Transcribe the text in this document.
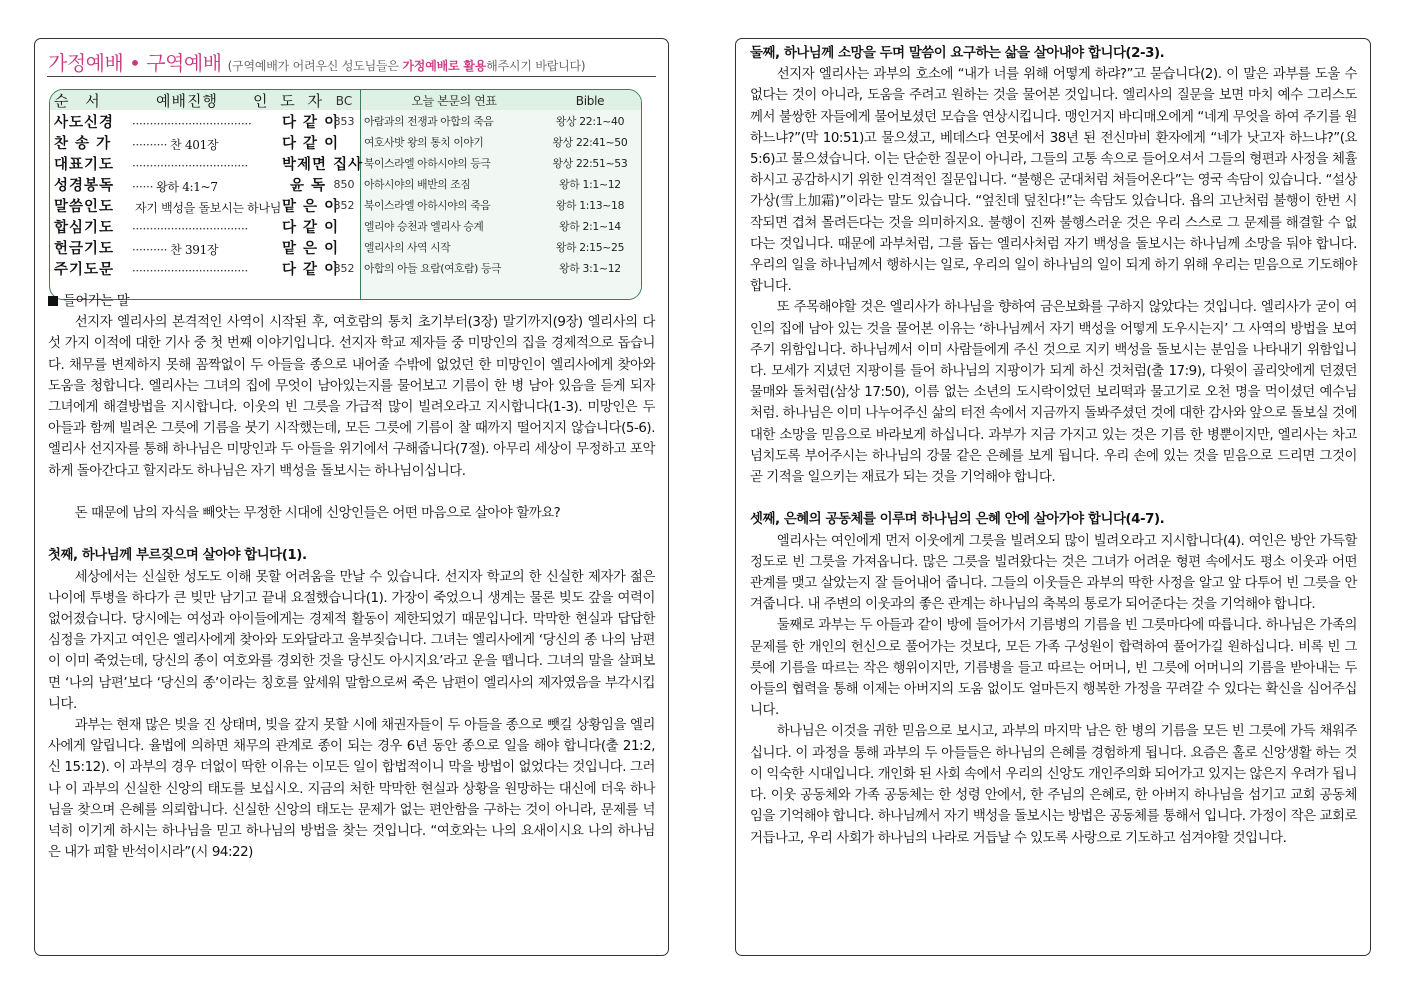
가정예배 • 구역예배 (구역예배가 어려우신 성도님들은 가정예배로 활용해주시기 바랍니다)
순 서 예배진행 인 도 자	BC	오늘 본문의 연표	Bible
사도신경 ·································· 다 같 이	853	아람과의 전쟁과 아합의 죽음	왕상 22:1~40
찬 송 가 ·········· 찬 401장 다 같 이		여호사밧 왕의 통치 이야기	왕상 22:41~50
대표기도 ································· 박제면 집사		북이스라엘 아하시야의 등극	왕상 22:51~53
성경봉독 ······ 왕하 4:1~7 윤 독	850	아하시야의 배반의 조짐	왕하 1:1~12
말씀인도 자기 백성을 돌보시는 하나님맡 은 이	852	북이스라엘 아하시야의 죽음	왕하 1:13~18
합심기도 ································· 다 같 이		엘리야 승천과 엘리사 승계	왕하 2:1~14
헌금기도 ·········· 찬 391장 맡 은 이		엘리사의 사역 시작	왕하 2:15~25
주기도문 ································· 다 같 이	852	아합의 아들 요람(여호람) 등극	왕하 3:1~12

들어가는 말

선지자 엘리사의 본격적인 사역이 시작된 후, 여호람의 통치 초기부터(3장) 말기까지(9장) 엘리사의 다섯 가지 이적에 대한 기사 중 첫 번째 이야기입니다. 선지자 학교 제자들 중 미망인의 집을 경제적으로 돕습니다. 채무를 변제하지 못해 꼼짝없이 두 아들을 종으로 내어줄 수밖에 없었던 한 미망인이 엘리사에게 찾아와 도움을 청합니다. 엘리사는 그녀의 집에 무엇이 남아있는지를 물어보고 기름이 한 병 남아 있음을 듣게 되자 그녀에게 해결방법을 지시합니다. 이웃의 빈 그릇을 가급적 많이 빌려오라고 지시합니다(1-3). 미망인은 두 아들과 함께 빌려온 그릇에 기름을 붓기 시작했는데, 모든 그릇에 기름이 찰 때까지 떨어지지 않습니다(5-6). 엘리사 선지자를 통해 하나님은 미망인과 두 아들을 위기에서 구해줍니다(7절). 아무리 세상이 무정하고 포악하게 돌아간다고 할지라도 하나님은 자기 백성을 돌보시는 하나님이십니다.

돈 때문에 남의 자식을 빼앗는 무정한 시대에 신앙인들은 어떤 마음으로 살아야 할까요?

첫째, 하나님께 부르짖으며 살아야 합니다(1).

세상에서는 신실한 성도도 이해 못할 어려움을 만날 수 있습니다. 선지자 학교의 한 신실한 제자가 젊은 나이에 투병을 하다가 큰 빚만 남기고 끝내 요절했습니다(1). 가장이 죽었으니 생계는 물론 빚도 갚을 여력이 없어졌습니다. 당시에는 여성과 아이들에게는 경제적 활동이 제한되었기 때문입니다. 막막한 현실과 답답한 심정을 가지고 여인은 엘리사에게 찾아와 도와달라고 울부짖습니다. 그녀는 엘리사에게 ‘당신의 종 나의 남편이 이미 죽었는데, 당신의 종이 여호와를 경외한 것을 당신도 아시지요’라고 운을 뗍니다. 그녀의 말을 살펴보면 ‘나의 남편’보다 ‘당신의 종’이라는 칭호를 앞세워 말함으로써 죽은 남편이 엘리사의 제자였음을 부각시킵니다.

과부는 현재 많은 빚을 진 상태며, 빚을 갚지 못할 시에 채권자들이 두 아들을 종으로 뺏길 상황임을 엘리사에게 알립니다. 율법에 의하면 채무의 관계로 종이 되는 경우 6년 동안 종으로 일을 해야 합니다(출 21:2, 신 15:12). 이 과부의 경우 더없이 딱한 이유는 이모든 일이 합법적이니 막을 방법이 없었다는 것입니다. 그러나 이 과부의 신실한 신앙의 태도를 보십시오. 지금의 처한 막막한 현실과 상황을 원망하는 대신에 더욱 하나님을 찾으며 은혜를 의뢰합니다. 신실한 신앙의 태도는 문제가 없는 편안함을 구하는 것이 아니라, 문제를 넉넉히 이기게 하시는 하나님을 믿고 하나님의 방법을 찾는 것입니다. “여호와는 나의 요새이시요 나의 하나님은 내가 피할 반석이시라”(시 94:22)

둘째, 하나님께 소망을 두며 말씀이 요구하는 삶을 살아내야 합니다(2-3).

선지자 엘리사는 과부의 호소에 “내가 너를 위해 어떻게 하랴?”고 묻습니다(2). 이 말은 과부를 도울 수 없다는 것이 아니라, 도움을 주려고 원하는 것을 물어본 것입니다. 엘리사의 질문을 보면 마치 예수 그리스도께서 불쌍한 자들에게 물어보셨던 모습을 연상시킵니다. 맹인거지 바디매오에게 “네게 무엇을 하여 주기를 원하느냐?”(막 10:51)고 물으셨고, 베데스다 연못에서 38년 된 전신마비 환자에게 “네가 낫고자 하느냐?”(요 5:6)고 물으셨습니다. 이는 단순한 질문이 아니라, 그들의 고통 속으로 들어오셔서 그들의 형편과 사정을 체휼하시고 공감하시기 위한 인격적인 질문입니다. “불행은 군대처럼 쳐들어온다”는 영국 속담이 있습니다. “설상가상(雪上加霜)”이라는 말도 있습니다. “엎친데 덮친다!”는 속담도 있습니다. 욥의 고난처럼 불행이 한번 시작되면 겹쳐 몰려든다는 것을 의미하지요. 불행이 진짜 불행스러운 것은 우리 스스로 그 문제를 해결할 수 없다는 것입니다. 때문에 과부처럼, 그를 돕는 엘리사처럼 자기 백성을 돌보시는 하나님께 소망을 둬야 합니다. 우리의 일을 하나님께서 행하시는 일로, 우리의 일이 하나님의 일이 되게 하기 위해 우리는 믿음으로 기도해야 합니다.

또 주목해야할 것은 엘리사가 하나님을 향하여 금은보화를 구하지 않았다는 것입니다. 엘리사가 굳이 여인의 집에 남아 있는 것을 물어본 이유는 ‘하나님께서 자기 백성을 어떻게 도우시는지’ 그 사역의 방법을 보여주기 위함입니다. 하나님께서 이미 사람들에게 주신 것으로 지키 백성을 돌보시는 분임을 나타내기 위함입니다. 모세가 지녔던 지팡이를 들어 하나님의 지팡이가 되게 하신 것처럼(출 17:9), 다윗이 골리앗에게 던졌던 물매와 돌처럼(삼상 17:50), 이름 없는 소년의 도시락이었던 보리떡과 물고기로 오천 명을 먹이셨던 예수님처럼. 하나님은 이미 나누어주신 삶의 터전 속에서 지금까지 돌봐주셨던 것에 대한 감사와 앞으로 돌보실 것에 대한 소망을 믿음으로 바라보게 하십니다. 과부가 지금 가지고 있는 것은 기름 한 병뿐이지만, 엘리사는 차고 넘치도록 부어주시는 하나님의 강물 같은 은혜를 보게 됩니다. 우리 손에 있는 것을 믿음으로 드리면 그것이 곧 기적을 일으키는 재료가 되는 것을 기억해야 합니다.

셋째, 은혜의 공동체를 이루며 하나님의 은혜 안에 살아가야 합니다(4-7).

엘리사는 여인에게 먼저 이웃에게 그릇을 빌려오되 많이 빌려오라고 지시합니다(4). 여인은 방안 가득할 정도로 빈 그릇을 가져옵니다. 많은 그릇을 빌려왔다는 것은 그녀가 어려운 형편 속에서도 평소 이웃과 어떤 관계를 맺고 살았는지 잘 들어내어 줍니다. 그들의 이웃들은 과부의 딱한 사정을 알고 앞 다투어 빈 그릇을 안겨줍니다. 내 주변의 이웃과의 좋은 관계는 하나님의 축복의 통로가 되어준다는 것을 기억해야 합니다.

둘째로 과부는 두 아들과 같이 방에 들어가서 기름병의 기름을 빈 그릇마다에 따릅니다. 하나님은 가족의 문제를 한 개인의 헌신으로 풀어가는 것보다, 모든 가족 구성원이 합력하여 풀어가길 원하십니다. 비록 빈 그릇에 기름을 따르는 작은 행위이지만, 기름병을 들고 따르는 어머니, 빈 그릇에 어머니의 기름을 받아내는 두 아들의 협력을 통해 이제는 아버지의 도움 없이도 얼마든지 행복한 가정을 꾸려갈 수 있다는 확신을 심어주십니다.

하나님은 이것을 귀한 믿음으로 보시고, 과부의 마지막 남은 한 병의 기름을 모든 빈 그릇에 가득 채워주십니다. 이 과정을 통해 과부의 두 아들들은 하나님의 은혜를 경험하게 됩니다. 요즘은 홀로 신앙생활 하는 것이 익숙한 시대입니다. 개인화 된 사회 속에서 우리의 신앙도 개인주의화 되어가고 있지는 않은지 우려가 됩니다. 이웃 공동체와 가족 공동체는 한 성령 안에서, 한 주님의 은혜로, 한 아버지 하나님을 섬기고 교회 공동체임을 기억해야 합니다. 하나님께서 자기 백성을 돌보시는 방법은 공동체를 통해서 입니다. 가정이 작은 교회로 거듭나고, 우리 사회가 하나님의 나라로 거듭날 수 있도록 사랑으로 기도하고 섬겨야할 것입니다.
